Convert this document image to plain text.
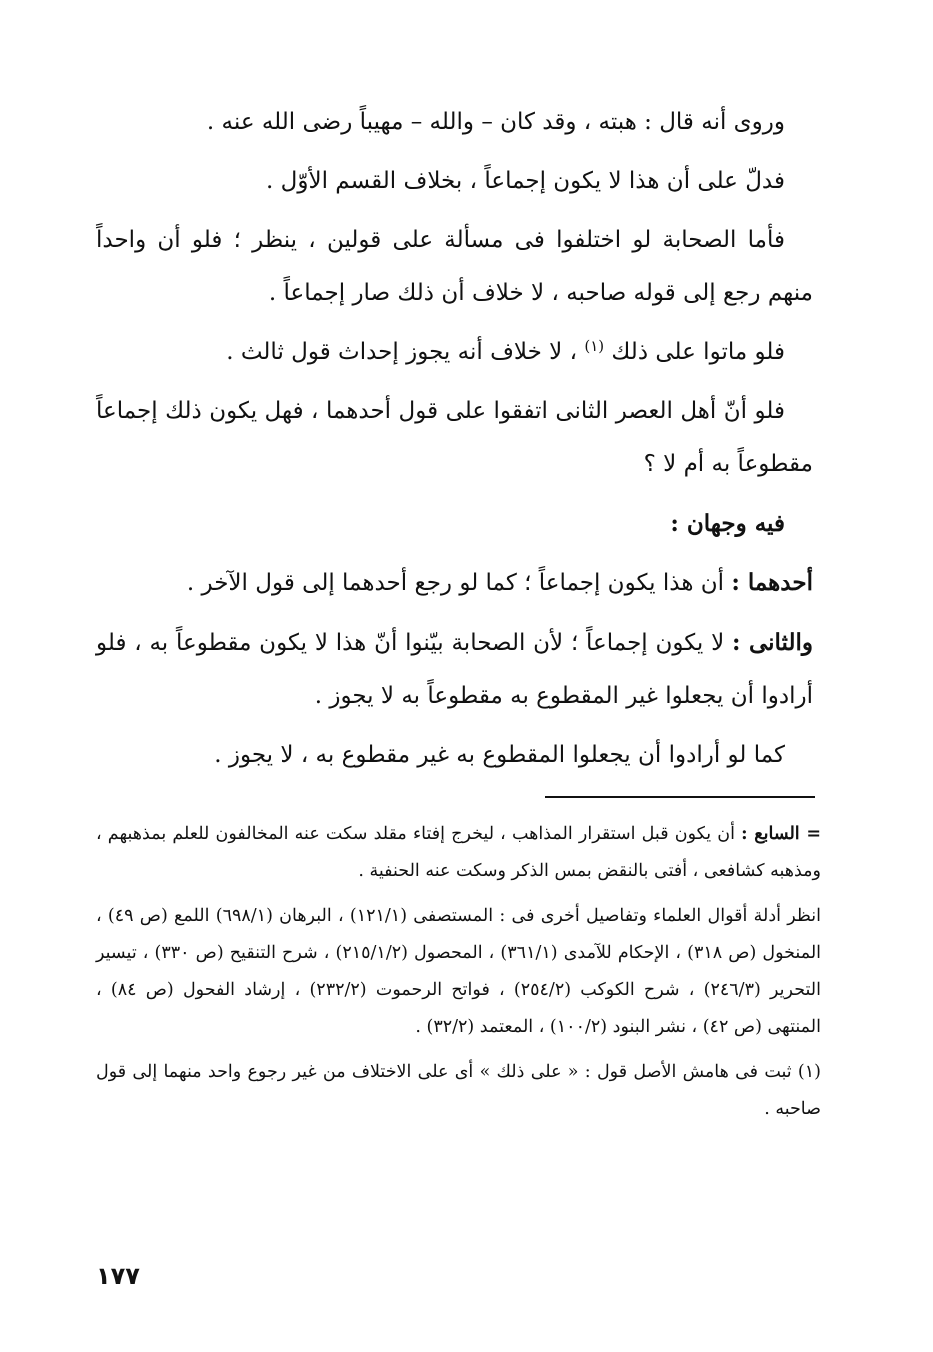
وروى أنه قال : هبته ، وقد كان – والله – مهيباً رضى الله عنه .

فدلّ على أن هذا لا يكون إجماعاً ، بخلاف القسم الأوّل .

فأما الصحابة لو اختلفوا فى مسألة على قولين ، ينظر ؛ فلو أن واحداً منهم رجع إلى قوله صاحبه ، لا خلاف أن ذلك صار إجماعاً .

فلو ماتوا على ذلك $^{(١)}$ ، لا خلاف أنه يجوز إحداث قول ثالث .

فلو أنّ أهل العصر الثانى اتفقوا على قول أحدهما ، فهل يكون ذلك إجماعاً مقطوعاً به أم لا ؟

فيه وجهان :

أحدهما : أن هذا يكون إجماعاً ؛ كما لو رجع أحدهما إلى قول الآخر .

والثانى : لا يكون إجماعاً ؛ لأن الصحابة بيّنوا أنّ هذا لا يكون مقطوعاً به ، فلو أرادوا أن يجعلوا غير المقطوع به مقطوعاً به لا يجوز .

كما لو أرادوا أن يجعلوا المقطوع به غير مقطوع به ، لا يجوز .

= السابع : أن يكون قبل استقرار المذاهب ، ليخرج إفتاء مقلد سكت عنه المخالفون للعلم بمذهبهم ، ومذهبه كشافعى ، أفتى بالنقض بمس الذكر وسكت عنه الحنفية .

انظر أدلة أقوال العلماء وتفاصيل أخرى فى : المستصفى (١٢١/١) ، البرهان (٦٩٨/١) اللمع (ص ٤٩) ، المنخول (ص ٣١٨) ، الإحكام للآمدى (٣٦١/١) ، المحصول (٢١٥/١/٢) ، شرح التنقيح (ص ٣٣٠) ، تيسير التحرير (٢٤٦/٣) ، شرح الكوكب (٢٥٤/٢) ، فواتح الرحموت (٢٣٢/٢) ، إرشاد الفحول (ص ٨٤) ، المنتهى (ص ٤٢) ، نشر البنود (١٠٠/٢) ، المعتمد (٣٢/٢) .

(١) ثبت فى هامش الأصل قول : « على ذلك » أى على الاختلاف من غير رجوع واحد منهما إلى قول صاحبه .

١٧٧
